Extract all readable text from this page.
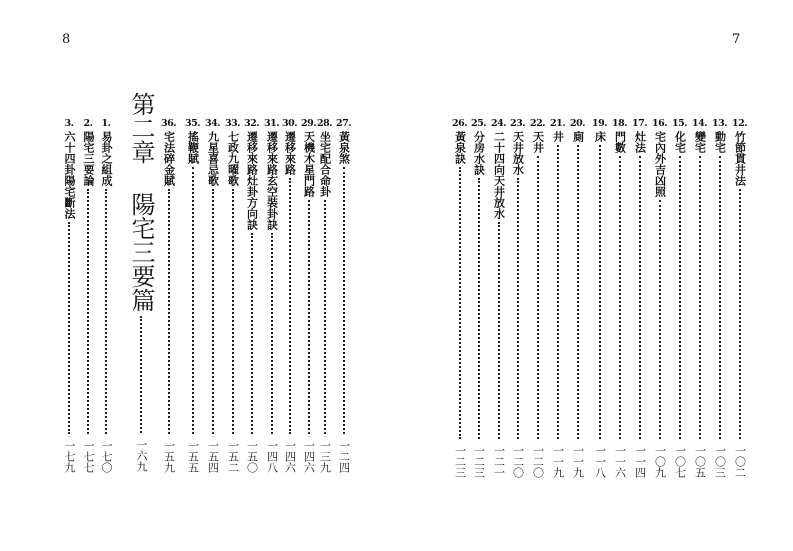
8	7
第二章 陽宅三要篇
一六九
27.
黃泉煞
一二四
28.
坐宅配合命卦
一三九
29.
天機木星門路
一四六
30.
遷移來路
一四六
31.
遷移來路玄空裝卦訣
一四八
32.
遷移來路灶卦方向訣
一五〇
33.
七政九曜歌
一五二
34.
九星喜忌歌
一五四
35.
搖鞭賦
一五五
36.
宅法碎金賦
一五九
1.
易卦之組成
一七〇
2.
陽宅三要論
一七七
3.
六十四卦陽宅斷法
一七九
12.
竹節貫井法
一〇二
13.
動宅
一〇三
14.
變宅
一〇五
15.
化宅
一〇七
16.
宅內外吉凶照
一〇九
17.
灶法
一一四
18.
門數
一一六
19.
床
一一八
20.
廁
一一九
21.
井
一一九
22.
天井
一二〇
23.
天井放水
一二〇
24.
二十四向天井放水
一二一
25.
分房水訣
一二三
26.
黃泉訣
一二三
